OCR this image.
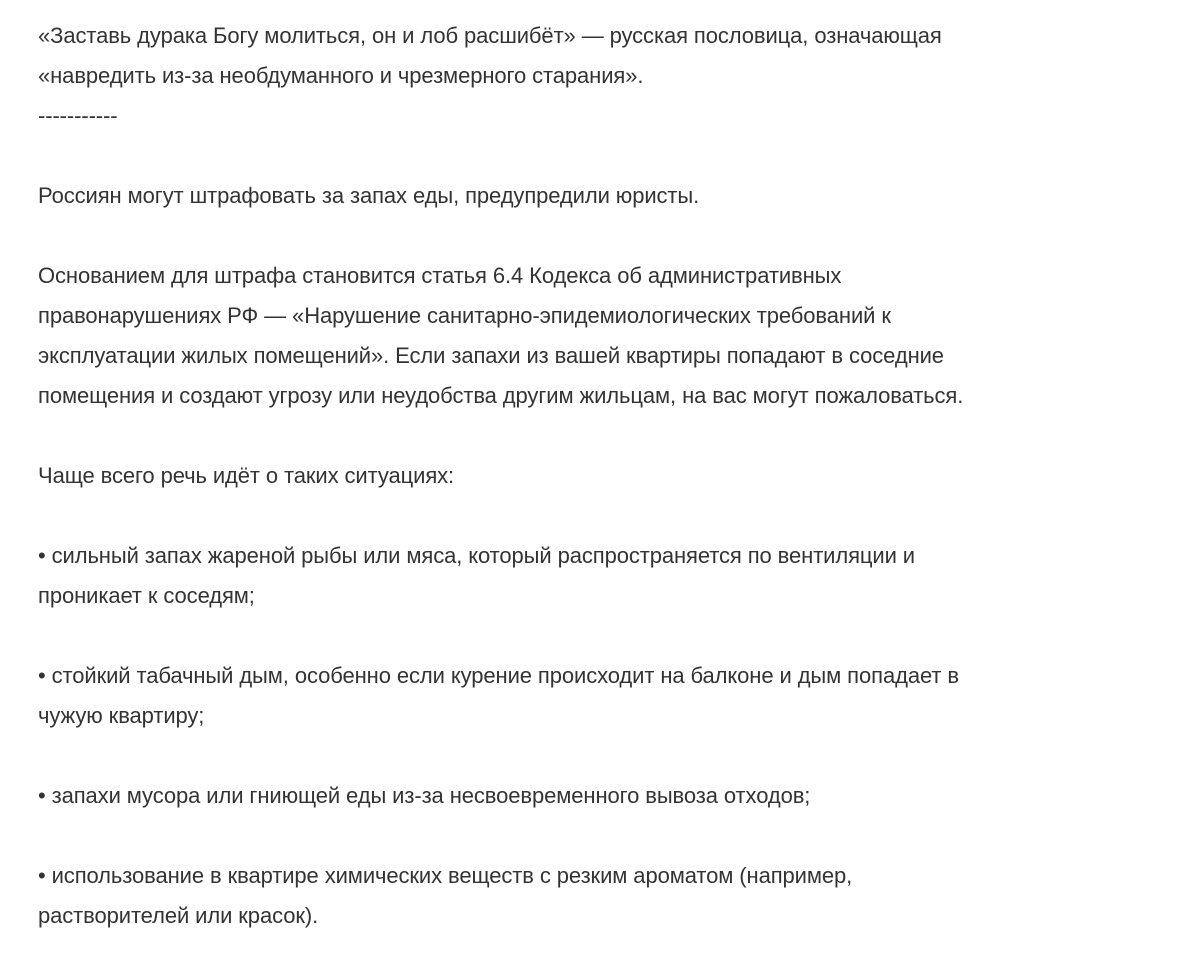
«Заставь дурака Богу молиться, он и лоб расшибёт» — русская пословица, означающая
«навредить из-за необдуманного и чрезмерного старания».
-----------
Россиян могут штрафовать за запах еды, предупредили юристы.
Основанием для штрафа становится статья 6.4 Кодекса об административных
правонарушениях РФ — «Нарушение санитарно-эпидемиологических требований к
эксплуатации жилых помещений». Если запахи из вашей квартиры попадают в соседние
помещения и создают угрозу или неудобства другим жильцам, на вас могут пожаловаться.
Чаще всего речь идёт о таких ситуациях:
• сильный запах жареной рыбы или мяса, который распространяется по вентиляции и
проникает к соседям;
• стойкий табачный дым, особенно если курение происходит на балконе и дым попадает в
чужую квартиру;
• запахи мусора или гниющей еды из-за несвоевременного вывоза отходов;
• использование в квартире химических веществ с резким ароматом (например,
растворителей или красок).
